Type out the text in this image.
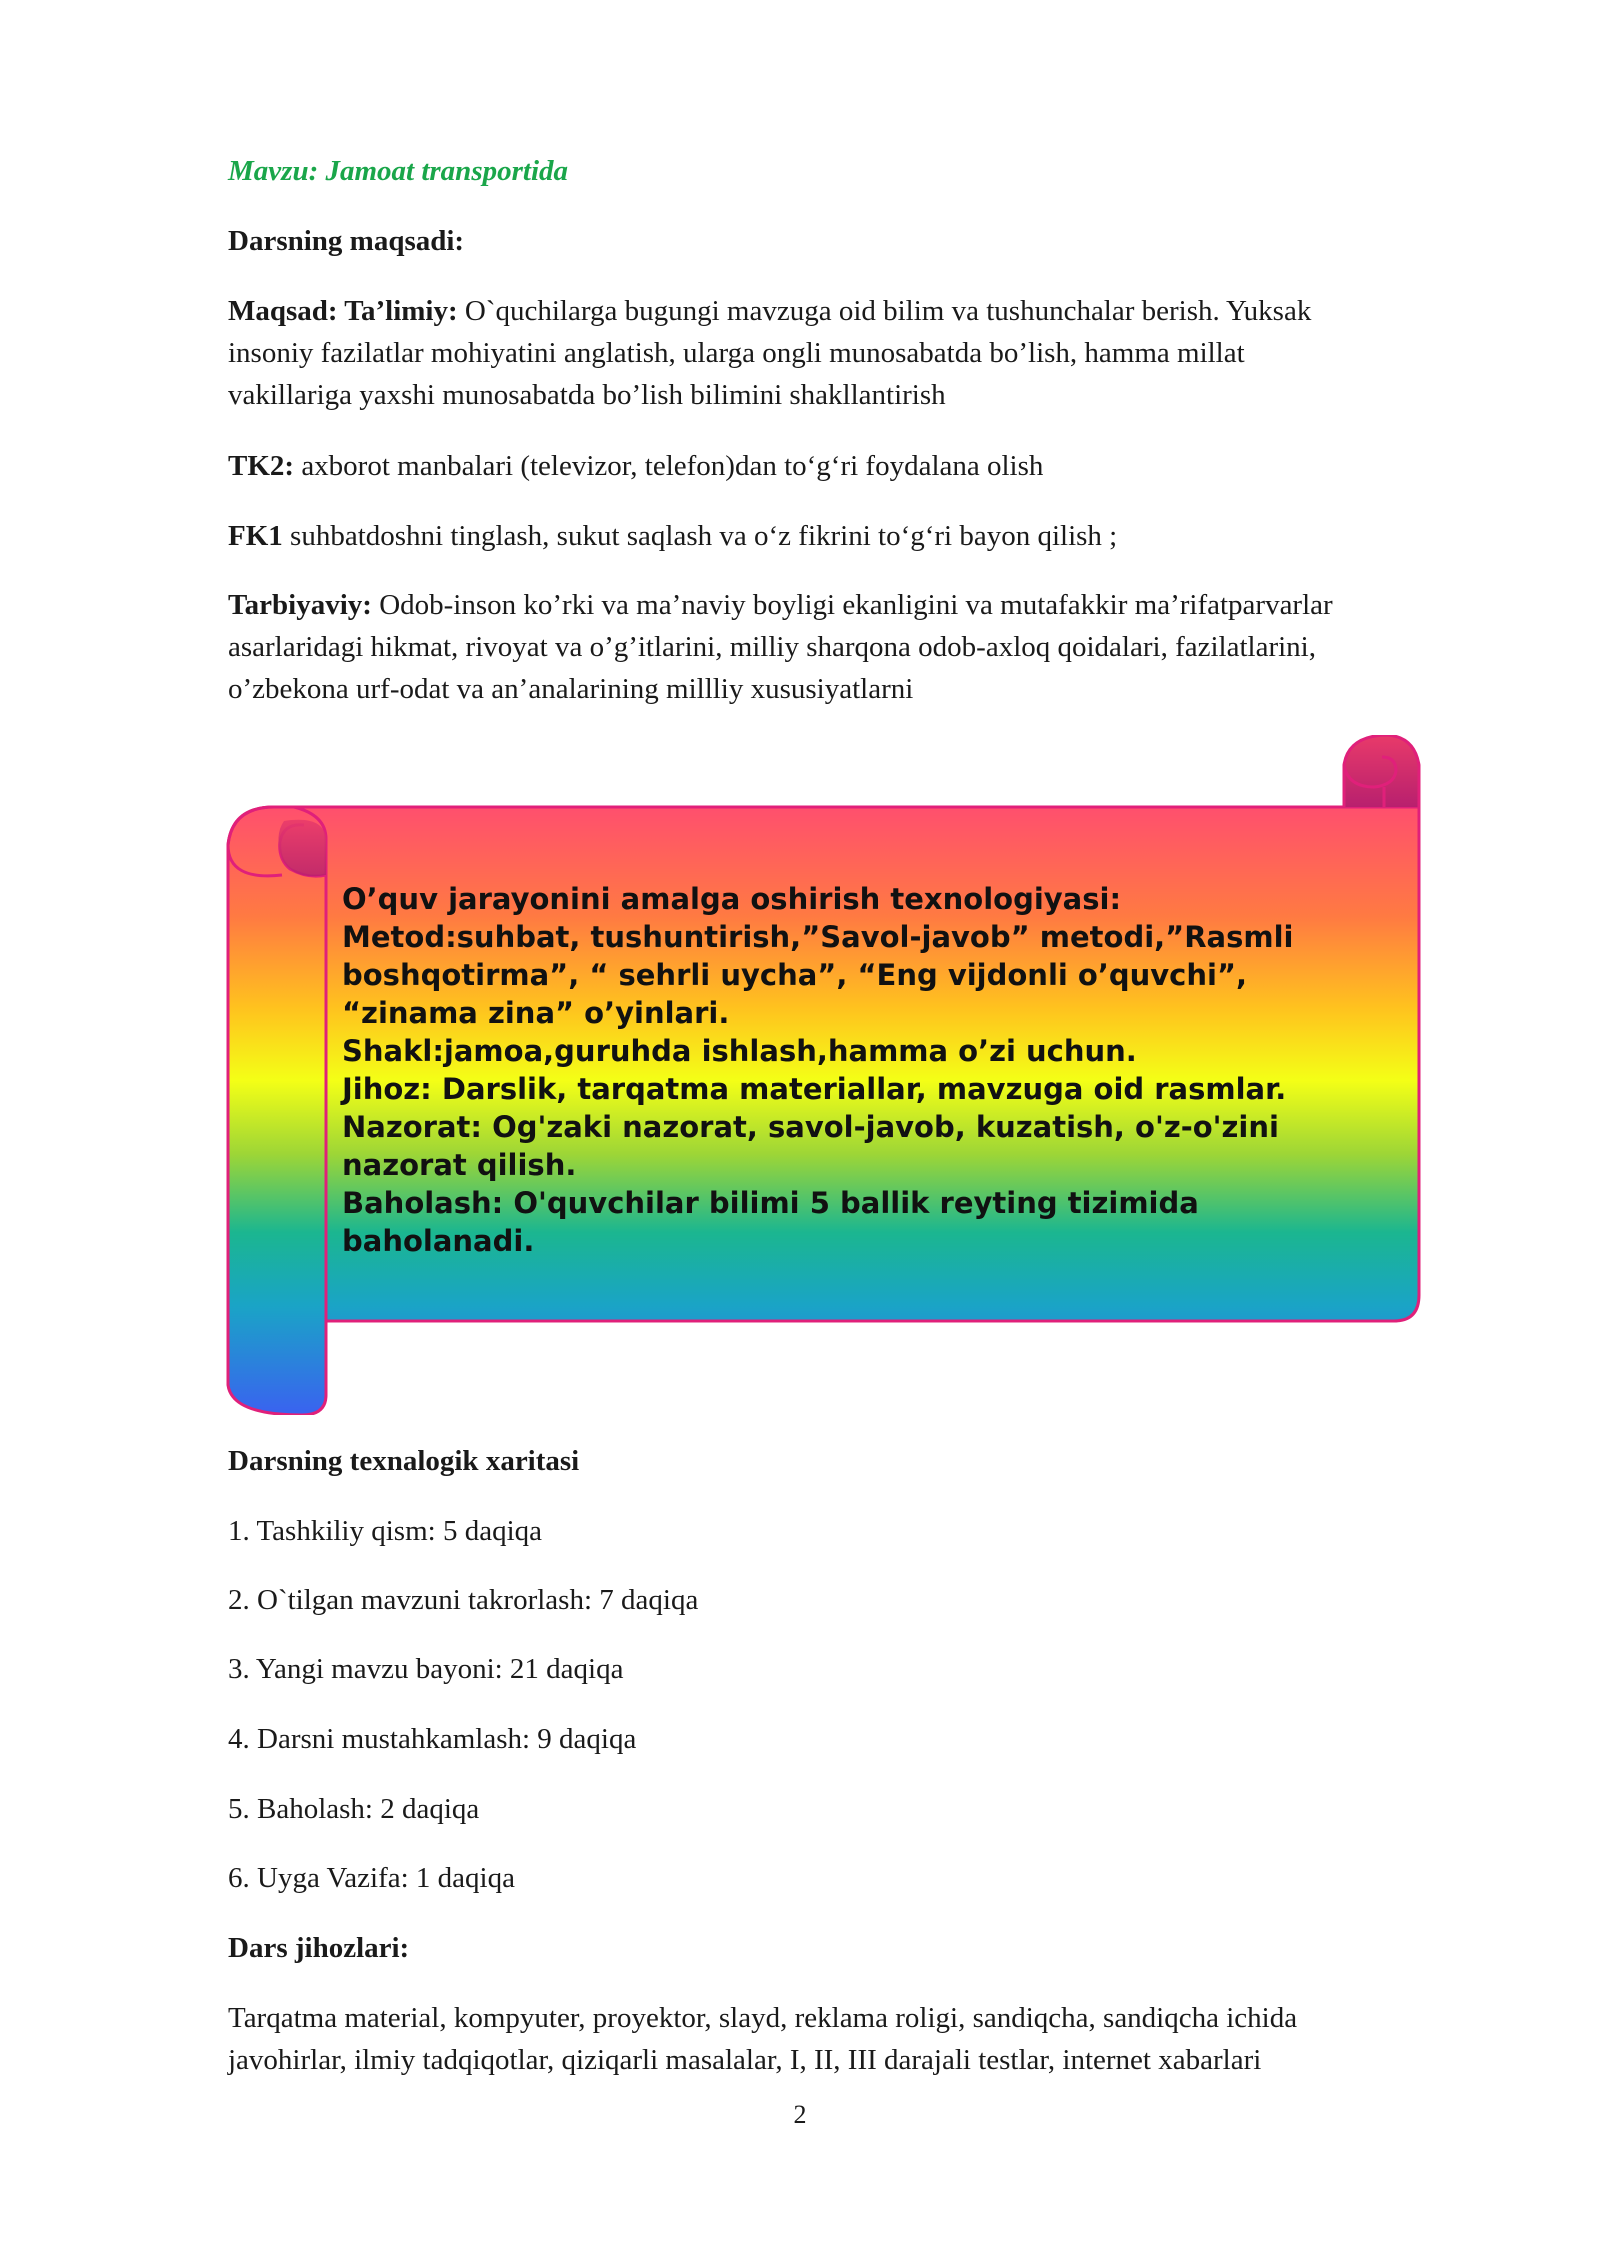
Mavzu: Jamoat transportida

Darsning maqsadi:

Maqsad: Ta’limiy: O`quchilarga bugungi mavzuga oid bilim va tushunchalar berish. Yuksak
insoniy fazilatlar mohiyatini anglatish, ularga ongli munosabatda bo’lish, hamma millat
vakillariga yaxshi munosabatda bo’lish bilimini shakllantirish

TK2: axborot manbalari (televizor, telefon)dan to‘g‘ri foydalana olish

FK1 suhbatdoshni tinglash, sukut saqlash va o‘z fikrini to‘g‘ri bayon qilish ;

Tarbiyaviy: Odob-inson ko’rki va ma’naviy boyligi ekanligini va mutafakkir ma’rifatparvarlar
asarlaridagi hikmat, rivoyat va o’g’itlarini, milliy sharqona odob-axloq qoidalari, fazilatlarini,
o’zbekona urf-odat va an’analarining millliy xususiyatlarni

O’quv jarayonini amalga oshirish texnologiyasi:
Metod:suhbat, tushuntirish,”Savol-javob” metodi,”Rasmli
boshqotirma”, “ sehrli uycha”, “Eng vijdonli o’quvchi”,
“zinama zina” o’yinlari.
Shakl:jamoa,guruhda ishlash,hamma o’zi uchun.
Jihoz: Darslik, tarqatma materiallar, mavzuga oid rasmlar.
Nazorat: Og'zaki nazorat, savol-javob, kuzatish, o'z-o'zini
nazorat qilish.
Baholash: O'quvchilar bilimi 5 ballik reyting tizimida
baholanadi.

Darsning texnalogik xaritasi

1. Tashkiliy qism: 5 daqiqa

2. O`tilgan mavzuni takrorlash: 7 daqiqa

3. Yangi mavzu bayoni: 21 daqiqa

4. Darsni mustahkamlash: 9 daqiqa

5. Baholash: 2 daqiqa

6. Uyga Vazifa: 1 daqiqa

Dars jihozlari:

Tarqatma material, kompyuter, proyektor, slayd, reklama roligi, sandiqcha, sandiqcha ichida
javohirlar, ilmiy tadqiqotlar, qiziqarli masalalar, I, II, III darajali testlar, internet xabarlari

2
